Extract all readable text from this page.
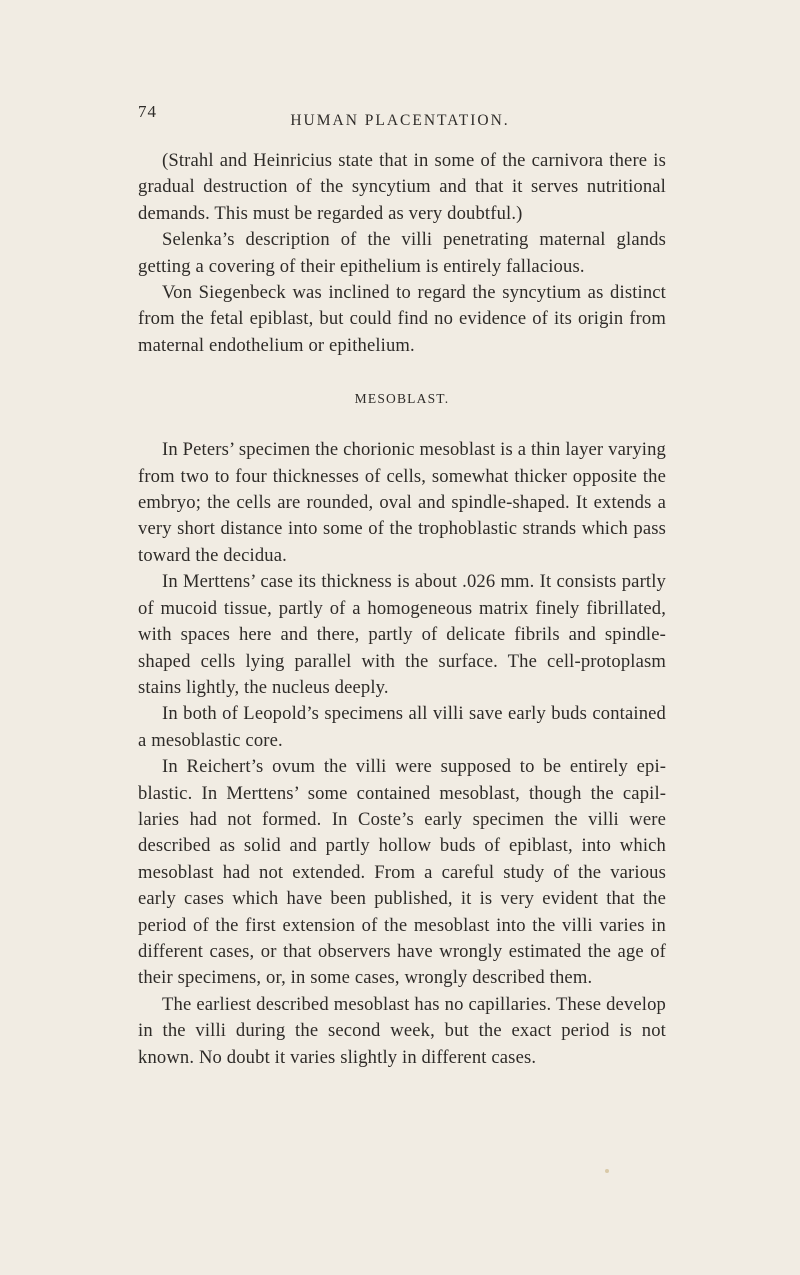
74	HUMAN PLACENTATION.

(Strahl and Heinricius state that in some of the carnivora there is gradual destruction of the syncytium and that it serves nutritional demands. This must be regarded as very doubtful.)

Selenka’s description of the villi penetrating maternal glands getting a covering of their epithelium is entirely fallacious.

Von Siegenbeck was inclined to regard the syncytium as distinct from the fetal epiblast, but could find no evidence of its origin from maternal endothelium or epithelium.

MESOBLAST.

In Peters’ specimen the chorionic mesoblast is a thin layer varying from two to four thicknesses of cells, somewhat thicker opposite the embryo; the cells are rounded, oval and spindle-shaped. It extends a very short distance into some of the trophoblastic strands which pass toward the decidua.

In Merttens’ case its thickness is about .026 mm. It consists partly of mucoid tissue, partly of a homogeneous matrix finely fibrillated, with spaces here and there, partly of delicate fibrils and spindle-shaped cells lying parallel with the surface. The cell-protoplasm stains lightly, the nucleus deeply.

In both of Leopold’s specimens all villi save early buds contained a mesoblastic core.

In Reichert’s ovum the villi were supposed to be entirely epiblastic. In Merttens’ some contained mesoblast, though the capillaries had not formed. In Coste’s early specimen the villi were described as solid and partly hollow buds of epiblast, into which mesoblast had not extended. From a careful study of the various early cases which have been published, it is very evident that the period of the first extension of the mesoblast into the villi varies in different cases, or that observers have wrongly estimated the age of their specimens, or, in some cases, wrongly described them.

The earliest described mesoblast has no capillaries. These develop in the villi during the second week, but the exact period is not known. No doubt it varies slightly in different cases.
